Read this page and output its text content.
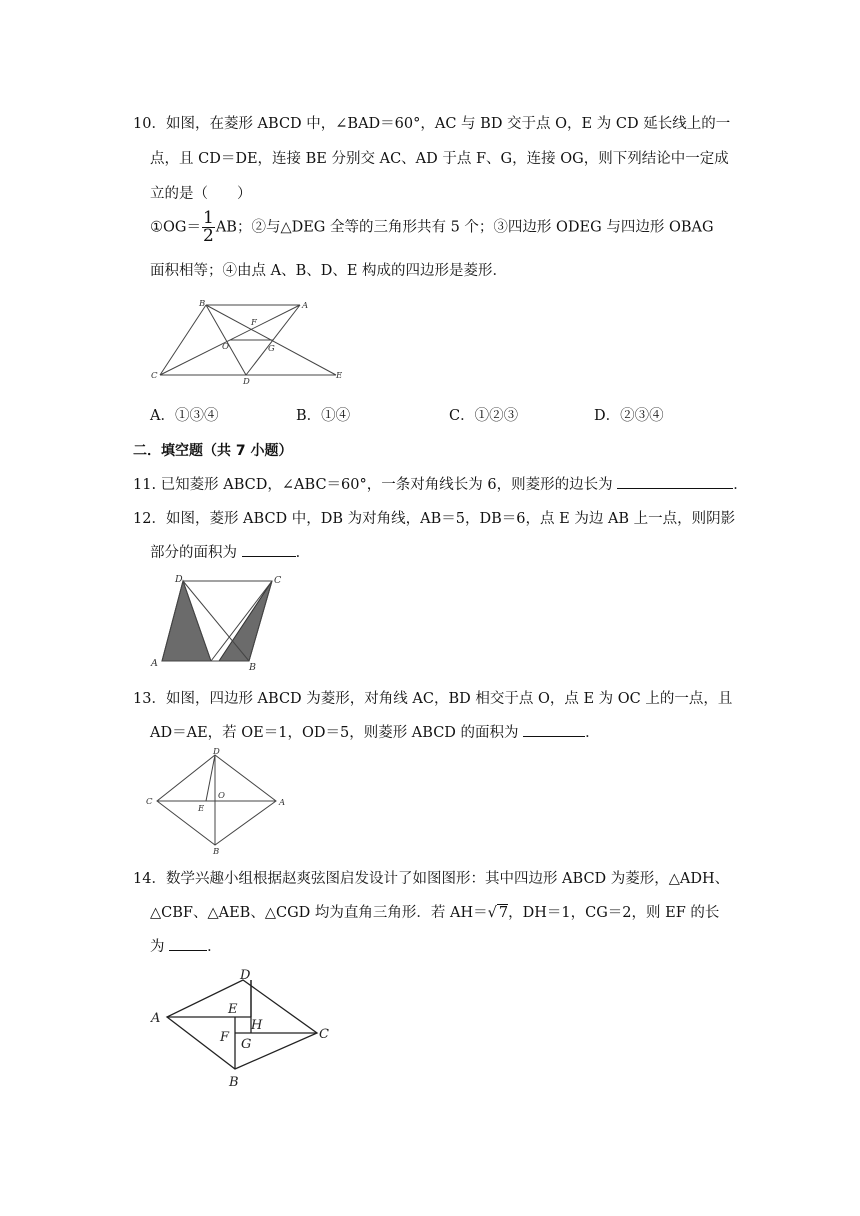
10．如图，在菱形 ABCD 中，∠BAD＝60°，AC 与 BD 交于点 O，E 为 CD 延长线上的一
点，且 CD＝DE，连接 BE 分别交 AC、AD 于点 F、G，连接 OG，则下列结论中一定成
立的是（　　）
①OG＝ $\frac{1}{2}$ AB；②与△DEG 全等的三角形共有 5 个；③四边形 ODEG 与四边形 OBAG
面积相等；④由点 A、B、D、E 构成的四边形是菱形．
B	A
F
O	G
C
D
E
A．①③④	B．①④	C．①②③	D．②③④
二．填空题（共 7 小题）
11. 已知菱形 ABCD，∠ABC＝60°，一条对角线长为 6，则菱形的边长为	．
12．如图，菱形 ABCD 中，DB 为对角线，AB＝5，DB＝6，点 E 为边 AB 上一点，则阴影
部分的面积为	．
D	C
A	B
13．如图，四边形 ABCD 为菱形，对角线 AC，BD 相交于点 O，点 E 为 OC 上的一点，且
AD＝AE，若 OE＝1，OD＝5，则菱形 ABCD 的面积为	．
D
C
E
O
A
B
14．数学兴趣小组根据赵爽弦图启发设计了如图图形：其中四边形 ABCD 为菱形，△ADH、
△CBF、△AEB、△CGD 均为直角三角形．若 AH＝√ 7，DH＝1，CG＝2，则 EF 的长
为	．
D
E
A	H
F G
C
B
